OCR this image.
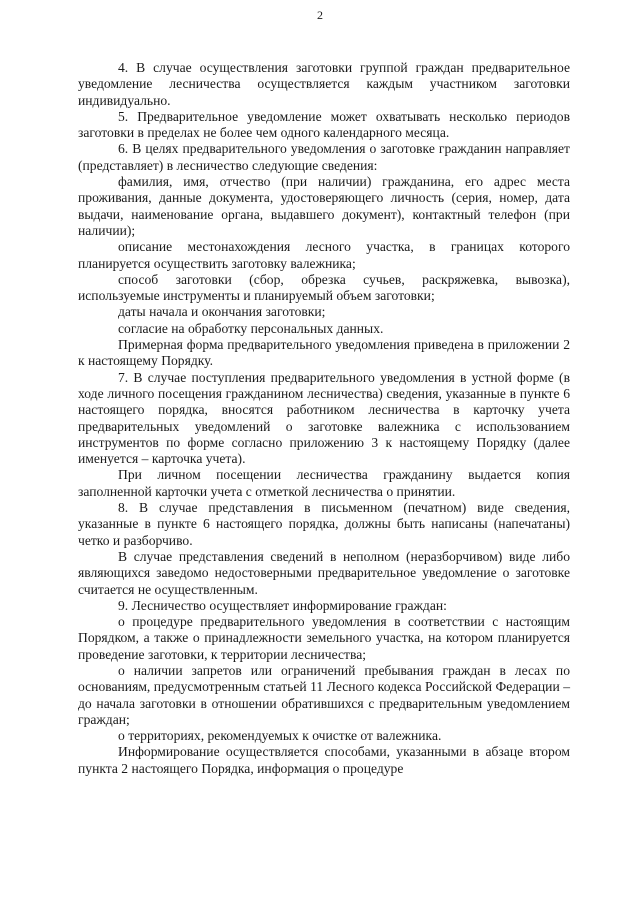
2

4. В случае осуществления заготовки группой граждан предварительное уведомление лесничества осуществляется каждым участником заготовки индивидуально.

5. Предварительное уведомление может охватывать несколько периодов заготовки в пределах не более чем одного календарного месяца.

6. В целях предварительного уведомления о заготовке гражданин направляет (представляет) в лесничество следующие сведения:

фамилия, имя, отчество (при наличии) гражданина, его адрес места проживания, данные документа, удостоверяющего личность (серия, номер, дата выдачи, наименование органа, выдавшего документ), контактный телефон (при наличии);

описание местонахождения лесного участка, в границах которого планируется осуществить заготовку валежника;

способ заготовки (сбор, обрезка сучьев, раскряжевка, вывозка), используемые инструменты и планируемый объем заготовки;

даты начала и окончания заготовки;

согласие на обработку персональных данных.

Примерная форма предварительного уведомления приведена в приложении 2 к настоящему Порядку.

7. В случае поступления предварительного уведомления в устной форме (в ходе личного посещения гражданином лесничества) сведения, указанные в пункте 6 настоящего порядка, вносятся работником лесничества в карточку учета предварительных уведомлений о заготовке валежника с использованием инструментов по форме согласно приложению 3 к настоящему Порядку (далее именуется – карточка учета).

При личном посещении лесничества гражданину выдается копия заполненной карточки учета с отметкой лесничества о принятии.

8. В случае представления в письменном (печатном) виде сведения, указанные в пункте 6 настоящего порядка, должны быть написаны (напечатаны) четко и разборчиво.

В случае представления сведений в неполном (неразборчивом) виде либо являющихся заведомо недостоверными предварительное уведомление о заготовке считается не осуществленным.

9. Лесничество осуществляет информирование граждан:

о процедуре предварительного уведомления в соответствии с настоящим Порядком, а также о принадлежности земельного участка, на котором планируется проведение заготовки, к территории лесничества;

о наличии запретов или ограничений пребывания граждан в лесах по основаниям, предусмотренным статьей 11 Лесного кодекса Российской Федерации – до начала заготовки в отношении обратившихся с предварительным уведомлением граждан;

о территориях, рекомендуемых к очистке от валежника.

Информирование осуществляется способами, указанными в абзаце втором пункта 2 настоящего Порядка, информация о процедуре
